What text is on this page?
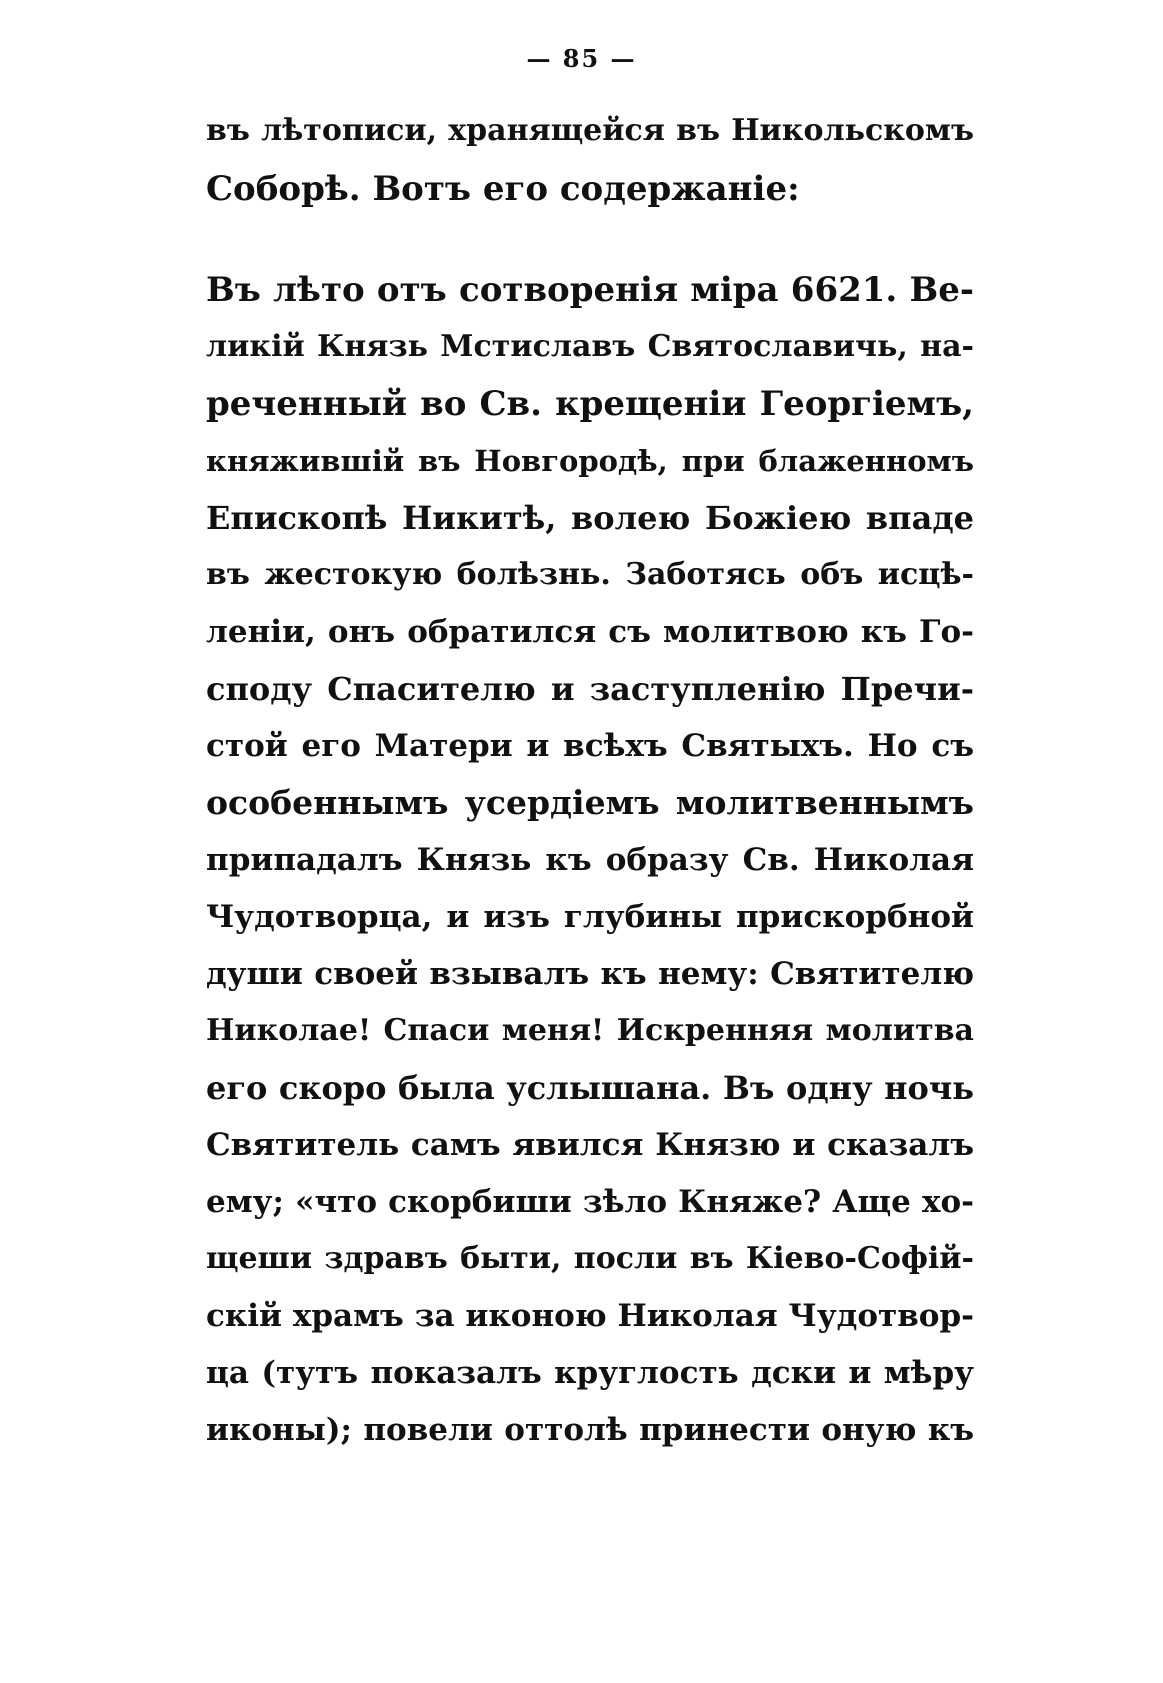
— 85 —
въ лѣтописи, хранящейся въ Никольскомъ
Соборѣ. Вотъ его содержаніе:
Въ лѣто отъ сотворенія міра 6621. Ве-
ликій Князь Мстиславъ Святославичь, на-
реченный во Св. крещеніи Георгіемъ,
княжившій въ Новгородѣ, при блаженномъ
Епископѣ Никитѣ, волею Божіею впаде
въ жестокую болѣзнь. Заботясь объ исцѣ-
леніи, онъ обратился съ молитвою къ Го-
споду Спасителю и заступленію Пречи-
стой его Матери и всѣхъ Святыхъ. Но съ
особеннымъ усердіемъ молитвеннымъ
припадалъ Князь къ образу Св. Николая
Чудотворца, и изъ глубины прискорбной
души своей взывалъ къ нему: Святителю
Николае! Спаси меня! Искренняя молитва
его скоро была услышана. Въ одну ночь
Святитель самъ явился Князю и сказалъ
ему; «что скорбиши зѣло Княже? Аще хо-
щеши здравъ быти, посли въ Кіево-Софій-
скій храмъ за иконою Николая Чудотвор-
ца (тутъ показалъ круглость дски и мѣру
иконы); повели оттолѣ принести оную къ
